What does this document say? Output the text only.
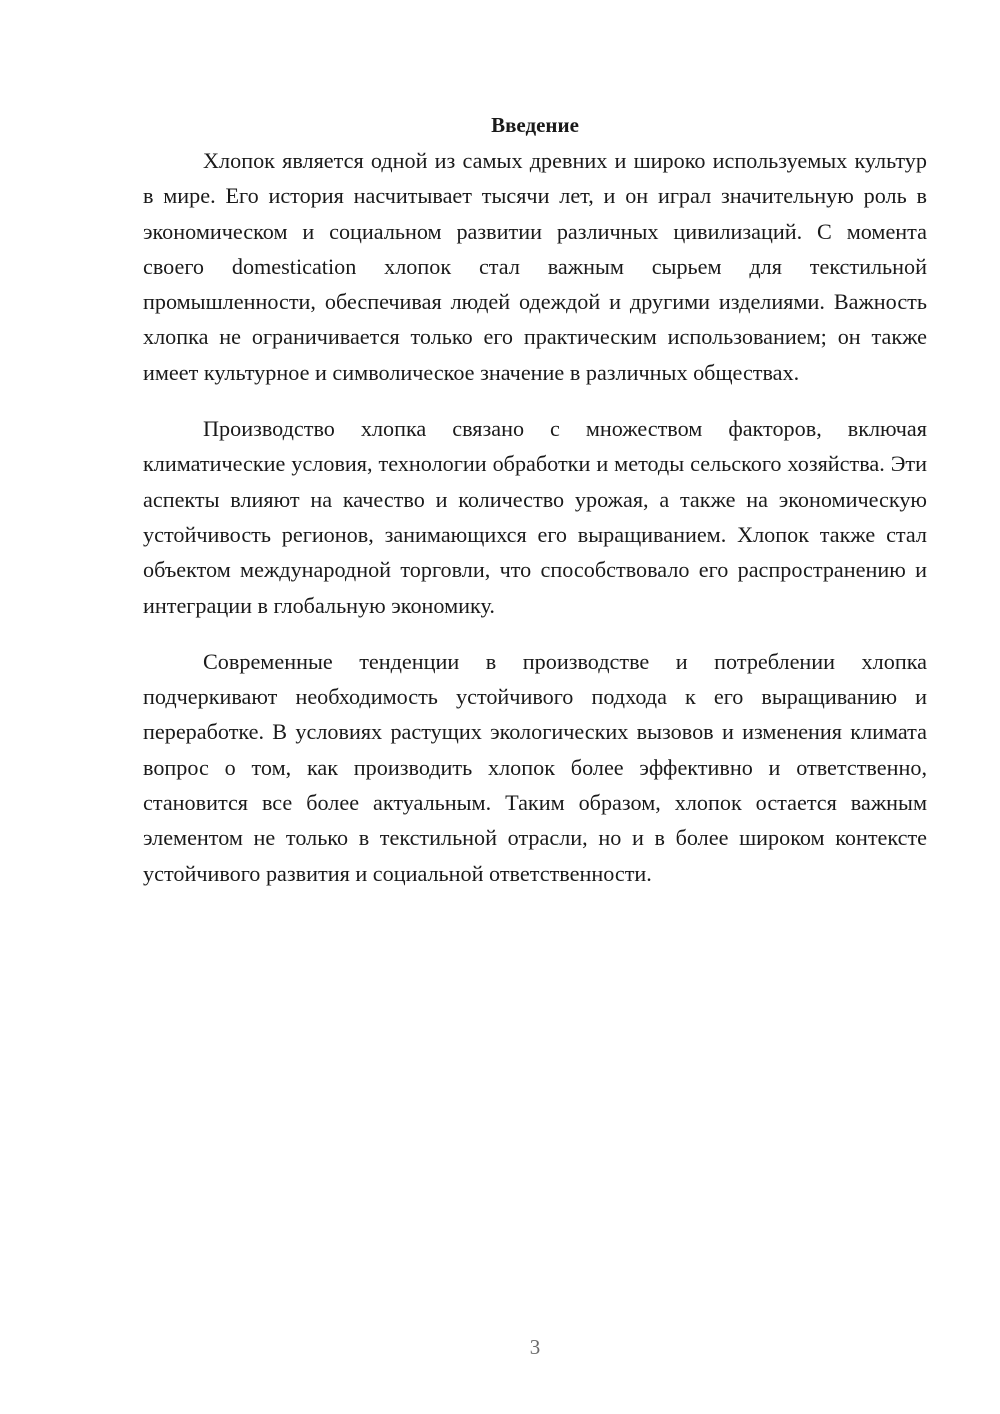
Введение

Хлопок является одной из самых древних и широко используемых культур в мире. Его история насчитывает тысячи лет, и он играл значительную роль в экономическом и социальном развитии различных цивилизаций. С момента своего domestication хлопок стал важным сырьем для текстильной промышленности, обеспечивая людей одеждой и другими изделиями. Важность хлопка не ограничивается только его практическим использованием; он также имеет культурное и символическое значение в различных обществах.

Производство хлопка связано с множеством факторов, включая климатические условия, технологии обработки и методы сельского хозяйства. Эти аспекты влияют на качество и количество урожая, а также на экономическую устойчивость регионов, занимающихся его выращиванием. Хлопок также стал объектом международной торговли, что способствовало его распространению и интеграции в глобальную экономику.

Современные тенденции в производстве и потреблении хлопка подчеркивают необходимость устойчивого подхода к его выращиванию и переработке. В условиях растущих экологических вызовов и изменения климата вопрос о том, как производить хлопок более эффективно и ответственно, становится все более актуальным. Таким образом, хлопок остается важным элементом не только в текстильной отрасли, но и в более широком контексте устойчивого развития и социальной ответственности.

3
